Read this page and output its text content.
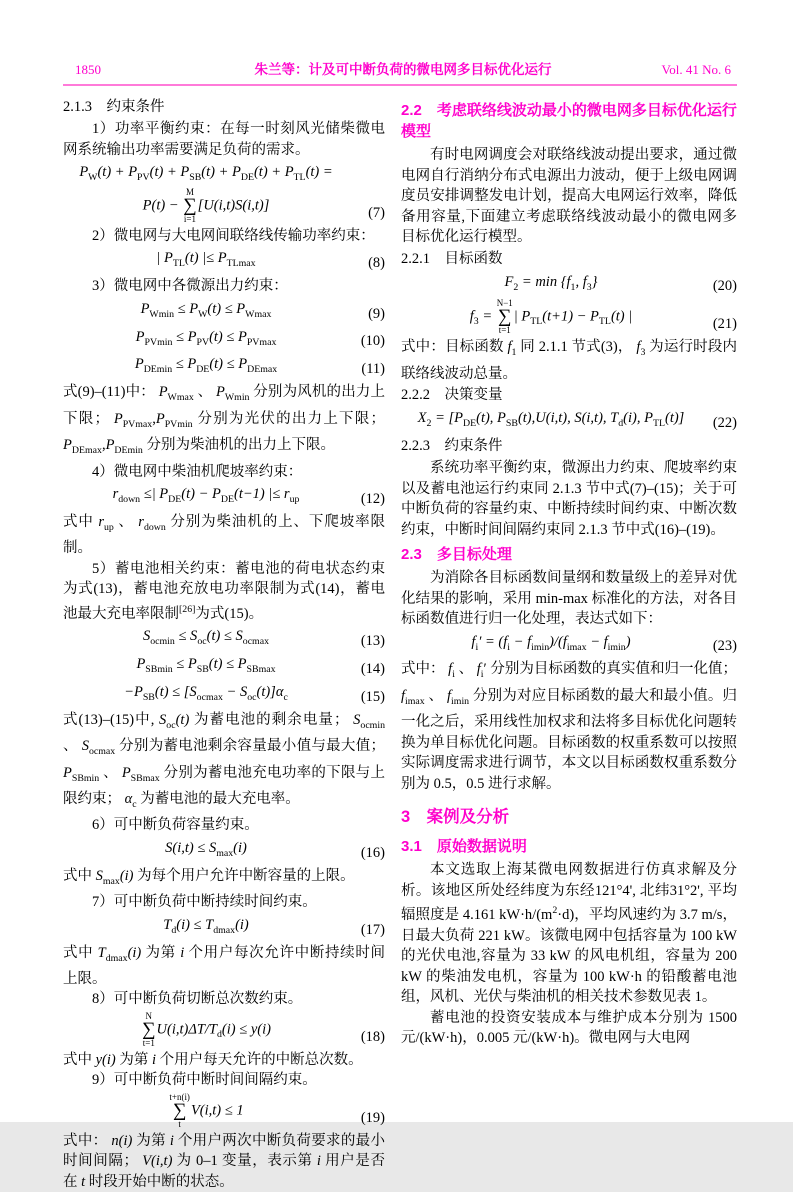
1850	朱兰等：计及可中断负荷的微电网多目标优化运行	Vol. 41 No. 6
2.1.3　约束条件
1）功率平衡约束：在每一时刻风光储柴微电网系统输出功率需要满足负荷的需求。
$P_W(t) + P_{PV}(t) + P_{SB}(t) + P_{DE}(t) + P_{TL}(t)$ =
P(t) −
M
∑
i=1
[U(i,t)S(i,t)]	(7)
2）微电网与大电网间联络线传输功率约束：
| $P_{TL}(t)$ |≤ $P_{TLmax}$	(8)
3）微电网中各微源出力约束：
$P_{Wmin} \le P_W(t) \le P_{Wmax}$	(9)
$P_{PVmin} \le P_{PV}(t) \le P_{PVmax}$	(10)
$P_{DEmin} \le P_{DE}(t) \le P_{DEmax}$	(11)
式(9)–(11)中： $P_{Wmax}$ 、 $P_{Wmin}$ 分别为风机的出力上下限； $P_{PVmax},P_{PVmin}$ 分别为光伏的出力上下限； $P_{DEmax},P_{DEmin}$ 分别为柴油机的出力上下限。
4）微电网中柴油机爬坡率约束：
$r_{down}$ ≤| $P_{DE}(t) - P_{DE}(t-1)$ |≤ $r_{up}$	(12)
式中 $r_{up}$ 、 $r_{down}$ 分别为柴油机的上、下爬坡率限制。
5）蓄电池相关约束：蓄电池的荷电状态约束为式(13)，蓄电池充放电功率限制为式(14)，蓄电池最大充电率限制[26]为式(15)。
$S_{ocmin} \le S_{oc}(t) \le S_{ocmax}$	(13)
$P_{SBmin} \le P_{SB}(t) \le P_{SBmax}$	(14)
$-P_{SB}(t) \le [S_{ocmax} - S_{oc}(t)]\alpha_c$	(15)
式(13)–(15)中, $S_{oc}(t)$ 为蓄电池的剩余电量； $S_{ocmin}$ 、 $S_{ocmax}$ 分别为蓄电池剩余容量最小值与最大值； $P_{SBmin}$ 、 $P_{SBmax}$ 分别为蓄电池充电功率的下限与上限约束； $\alpha_c$ 为蓄电池的最大充电率。
6）可中断负荷容量约束。
$S(i,t) \le S_{max}(i)$	(16)
式中 $S_{max}(i)$ 为每个用户允许中断容量的上限。
7）可中断负荷中断持续时间约束。
$T_d(i) \le T_{dmax}(i)$	(17)
式中 $T_{dmax}(i)$ 为第 i 个用户每次允许中断持续时间上限。
8）可中断负荷切断总次数约束。
N
∑
t=1
$U(i,t)\Delta T/T_d(i) \le y(i)$	(18)
式中 y(i) 为第 i 个用户每天允许的中断总次数。
9）可中断负荷中断时间间隔约束。
t+n(i)
∑
t
V(i,t) ≤ 1	(19)
式中： n(i) 为第 i 个用户两次中断负荷要求的最小时间间隔； V(i,t) 为 0–1 变量，表示第 i 用户是否在 t 时段开始中断的状态。
2.2　考虑联络线波动最小的微电网多目标优化运行模型
有时电网调度会对联络线波动提出要求，通过微电网自行消纳分布式电源出力波动，便于上级电网调度员安排调整发电计划，提高大电网运行效率，降低备用容量,下面建立考虑联络线波动最小的微电网多目标优化运行模型。
2.2.1　目标函数
$F_2 = \min \{f_1$, $f_3$}	(20)
$f_3$ =
N−1
∑
t=1
| $P_{TL}(t+1) - P_{TL}(t)$ |	(21)
式中：目标函数 $f_1$ 同 2.1.1 节式(3)， $f_3$ 为运行时段内联络线波动总量。
2.2.2　决策变量
$X_2 = [P_{DE}(t)$, $P_{SB}(t),U(i,t)$, S(i,t), $T_d(i)$, $P_{TL}(t)$]	(22)
2.2.3　约束条件
系统功率平衡约束，微源出力约束、爬坡率约束以及蓄电池运行约束同 2.1.3 节中式(7)–(15)；关于可中断负荷的容量约束、中断持续时间约束、中断次数约束，中断时间间隔约束同 2.1.3 节中式(16)–(19)。
2.3　多目标处理
为消除各目标函数间量纲和数量级上的差异对优化结果的影响，采用 min-max 标准化的方法，对各目标函数值进行归一化处理，表达式如下：
$f_i' = (f_i - f_{imin})/(f_{imax} - f_{imin})$	(23)
式中： $f_i$ 、 $f_i'$ 分别为目标函数的真实值和归一化值； $f_{imax}$ 、 $f_{imin}$ 分别为对应目标函数的最大和最小值。归一化之后，采用线性加权求和法将多目标优化问题转换为单目标优化问题。目标函数的权重系数可以按照实际调度需求进行调节，本文以目标函数权重系数分别为 0.5，0.5 进行求解。
3　案例及分析
3.1　原始数据说明
本文选取上海某微电网数据进行仿真求解及分析。该地区所处经纬度为东经121°4', 北纬31°2', 平均辐照度是 4.161 $kW\cdot h/(m^2\cdot d)$，平均风速约为 3.7 m/s，日最大负荷 221 kW。该微电网中包括容量为 100 kW 的光伏电池,容量为 33 kW 的风电机组，容量为 200 kW 的柴油发电机，容量为 100 kW·h 的铅酸蓄电池组，风机、光伏与柴油机的相关技术参数见表 1。
蓄电池的投资安装成本与维护成本分别为 1500 元/(kW·h)，0.005 元/(kW·h)。微电网与大电网
